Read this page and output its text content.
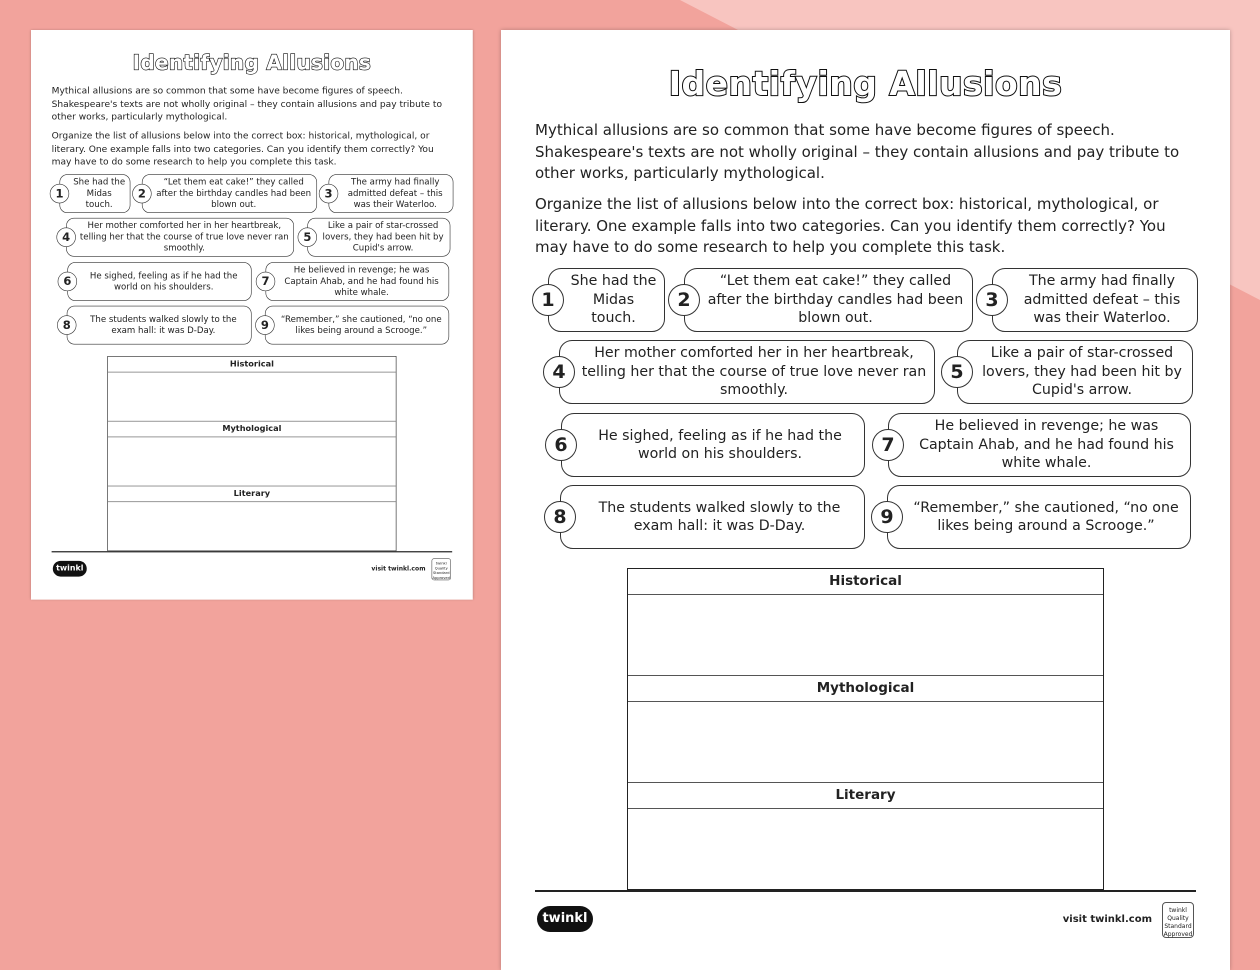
Identifying Allusions

Mythical allusions are so common that some have become figures of speech. Shakespeare's texts are not wholly original – they contain allusions and pay tribute to other works, particularly mythological.

Organize the list of allusions below into the correct box: historical, mythological, or literary. One example falls into two categories. Can you identify them correctly? You may have to do some research to help you complete this task.

She had the Midas touch.
1
“Let them eat cake!” they called after the birthday candles had been blown out.
2
The army had finally admitted defeat – this was their Waterloo.
3
Her mother comforted her in her heartbreak, telling her that the course of true love never ran smoothly.
4
Like a pair of star-crossed lovers, they had been hit by Cupid's arrow.
5
He sighed, feeling as if he had the world on his shoulders.
6
He believed in revenge; he was Captain Ahab, and he had found his white whale.
7
The students walked slowly to the exam hall: it was D-Day.
8	“Remember,” she cautioned, “no one likes being around a Scrooge.”
9
Historical
Mythological
Literary
twinkl	visit twinkl.com
twinkl Quality Standard Approved
Identifying Allusions

Mythical allusions are so common that some have become figures of speech. Shakespeare's texts are not wholly original – they contain allusions and pay tribute to other works, particularly mythological.

Organize the list of allusions below into the correct box: historical, mythological, or literary. One example falls into two categories. Can you identify them correctly? You may have to do some research to help you complete this task.

She had the Midas touch.
1
“Let them eat cake!” they called after the birthday candles had been blown out.
2
The army had finally admitted defeat – this was their Waterloo.
3
Her mother comforted her in her heartbreak, telling her that the course of true love never ran smoothly.
4
Like a pair of star-crossed lovers, they had been hit by Cupid's arrow.
5
He sighed, feeling as if he had the world on his shoulders.
6
He believed in revenge; he was Captain Ahab, and he had found his white whale.
7
The students walked slowly to the exam hall: it was D-Day.
8	“Remember,” she cautioned, “no one likes being around a Scrooge.”
9
Historical
Mythological
Literary
twinkl	visit twinkl.com
twinkl Quality Standard Approved
